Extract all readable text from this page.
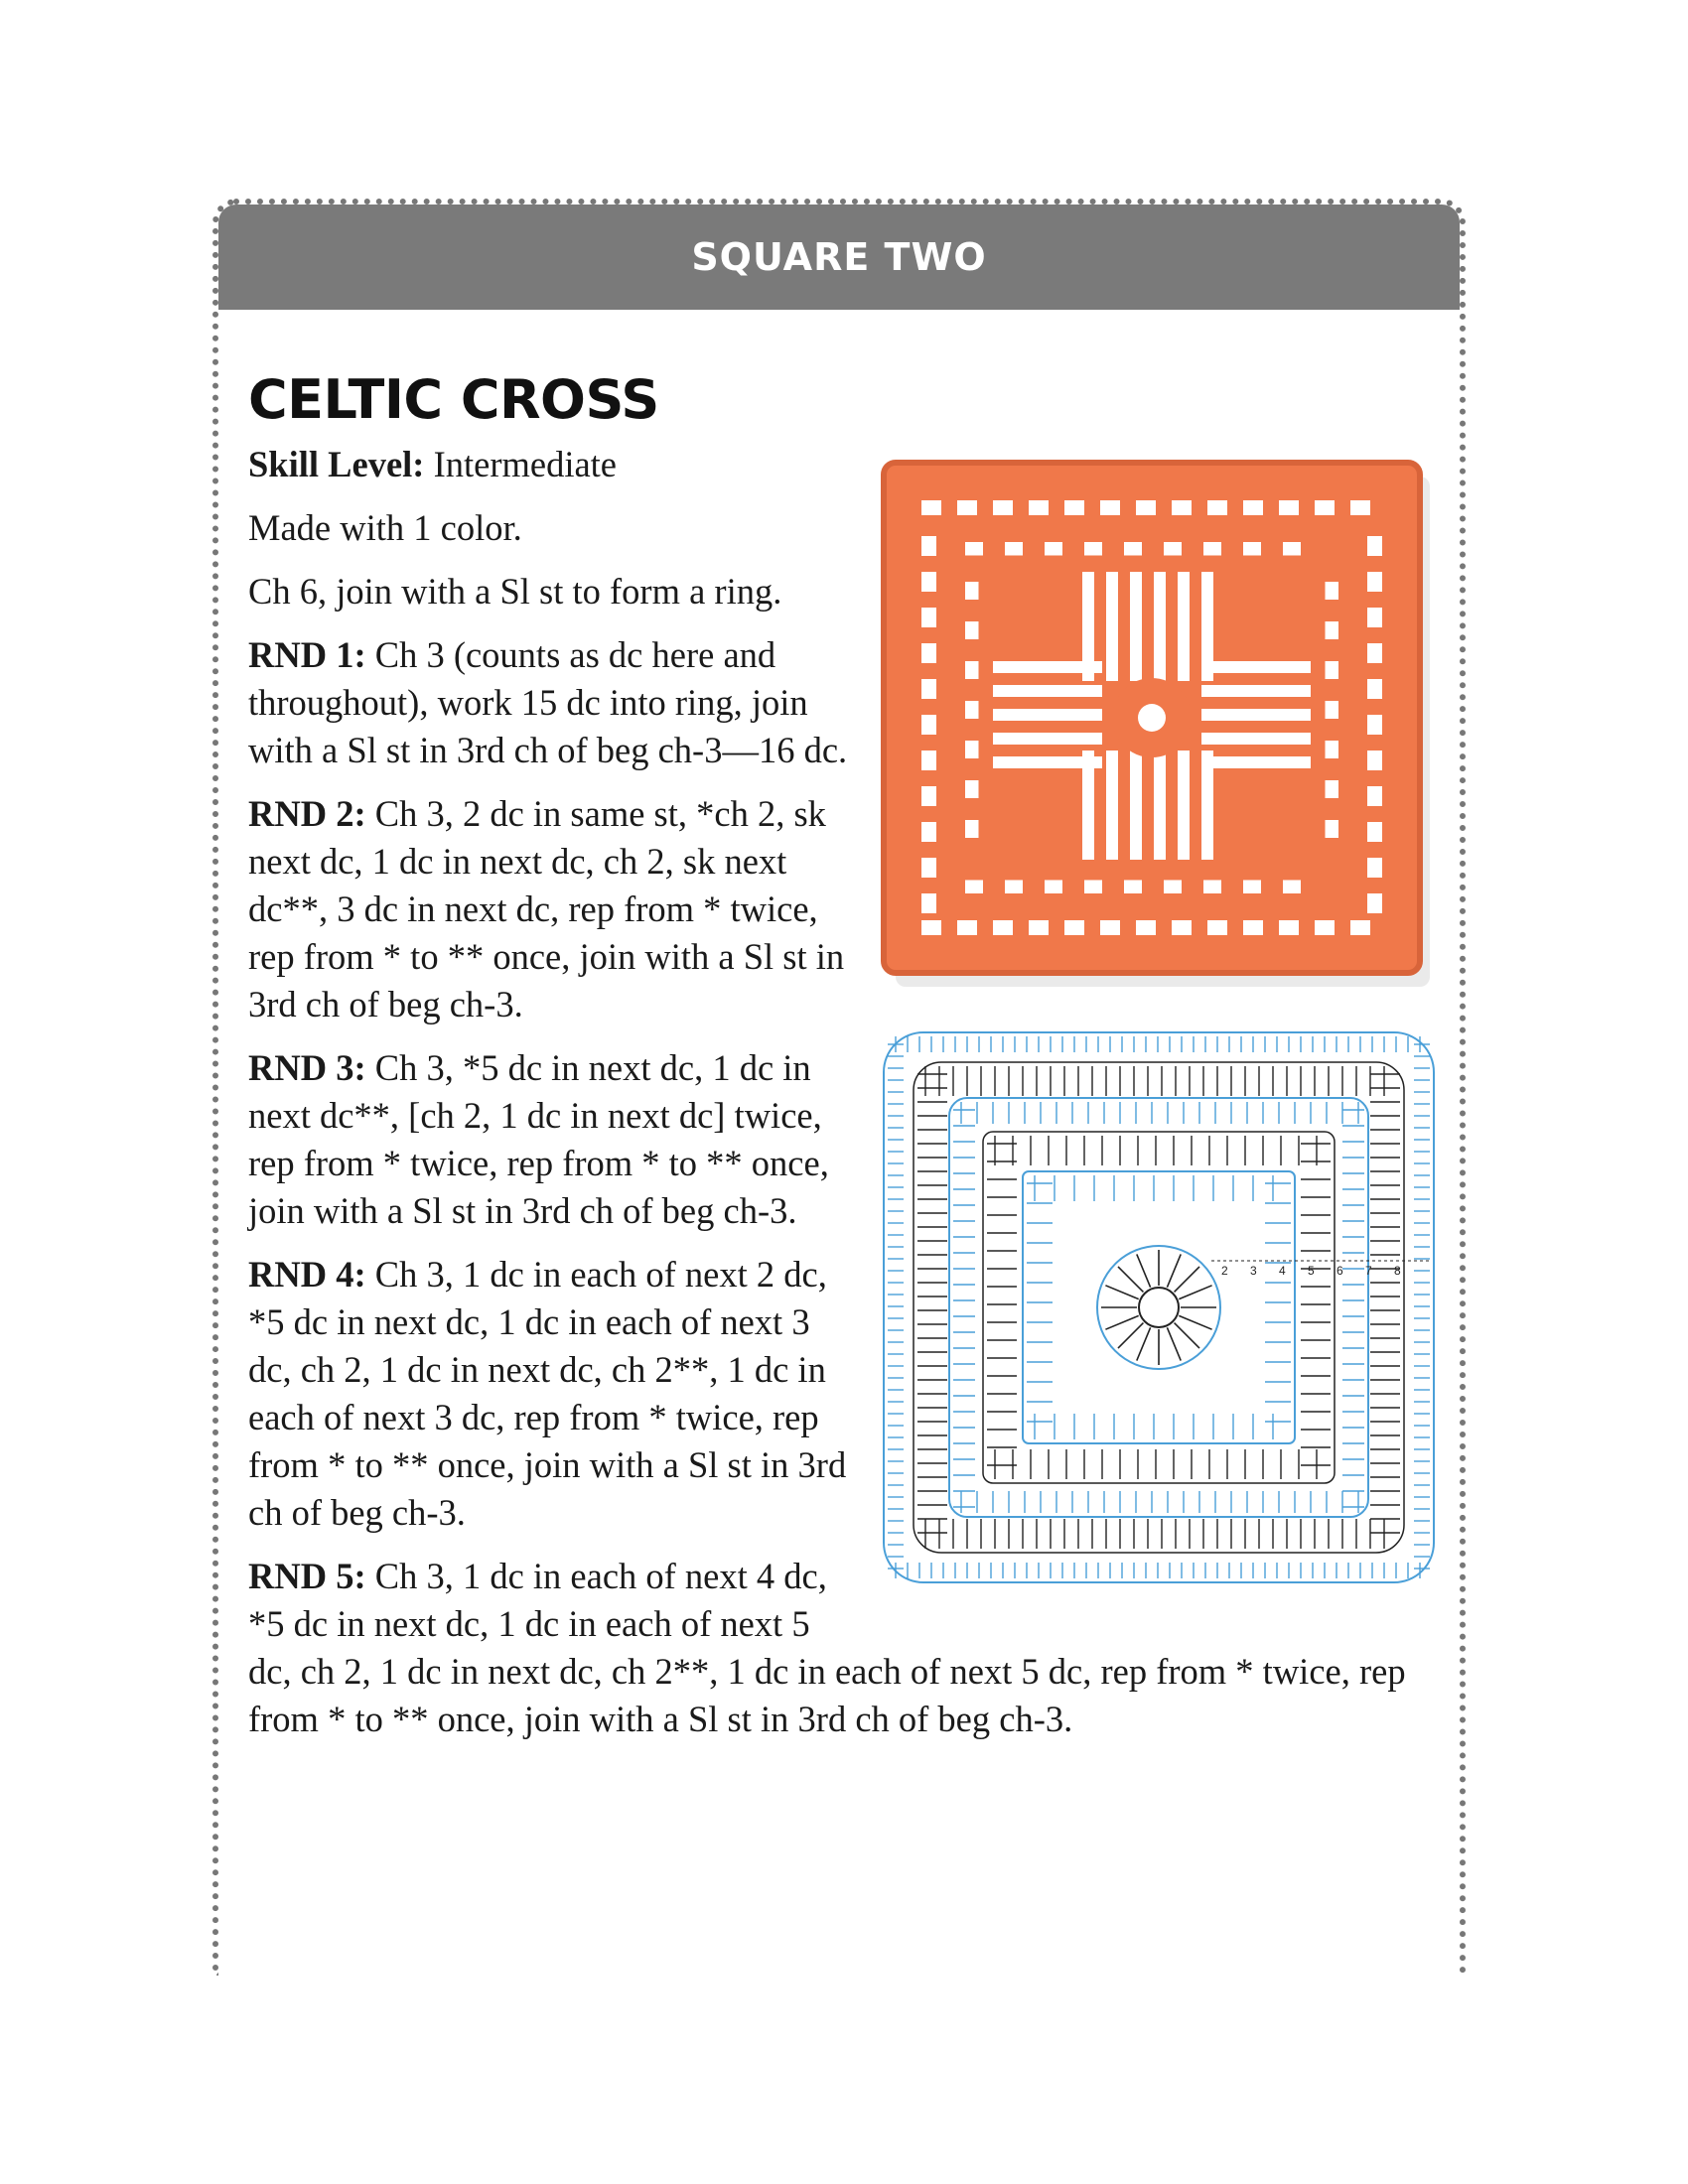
SQUARE TWO
CELTIC CROSS
2 3 4 5 6 7 8

Skill Level: Intermediate

Made with 1 color.

Ch 6, join with a Sl st to form a ring.

RND 1: Ch 3 (counts as dc here and throughout), work 15 dc into ring, join with a Sl st in 3rd ch of beg ch-3—16 dc.

RND 2: Ch 3, 2 dc in same st, *ch 2, sk next dc, 1 dc in next dc, ch 2, sk next dc**, 3 dc in next dc, rep from * twice, rep from * to ** once, join with a Sl st in 3rd ch of beg ch-3.

RND 3: Ch 3, *5 dc in next dc, 1 dc in next dc**, [ch 2, 1 dc in next dc] twice, rep from * twice, rep from * to ** once, join with a Sl st in 3rd ch of beg ch-3.

RND 4: Ch 3, 1 dc in each of next 2 dc, *5 dc in next dc, 1 dc in each of next 3 dc, ch 2, 1 dc in next dc, ch 2**, 1 dc in each of next 3 dc, rep from * twice, rep from * to ** once, join with a Sl st in 3rd ch of beg ch-3.

RND 5: Ch 3, 1 dc in each of next 4 dc, *5 dc in next dc, 1 dc in each of next 5 dc, ch 2, 1 dc in next dc, ch 2**, 1 dc in each of next 5 dc, rep from * twice, rep from * to ** once, join with a Sl st in 3rd ch of beg ch-3.
